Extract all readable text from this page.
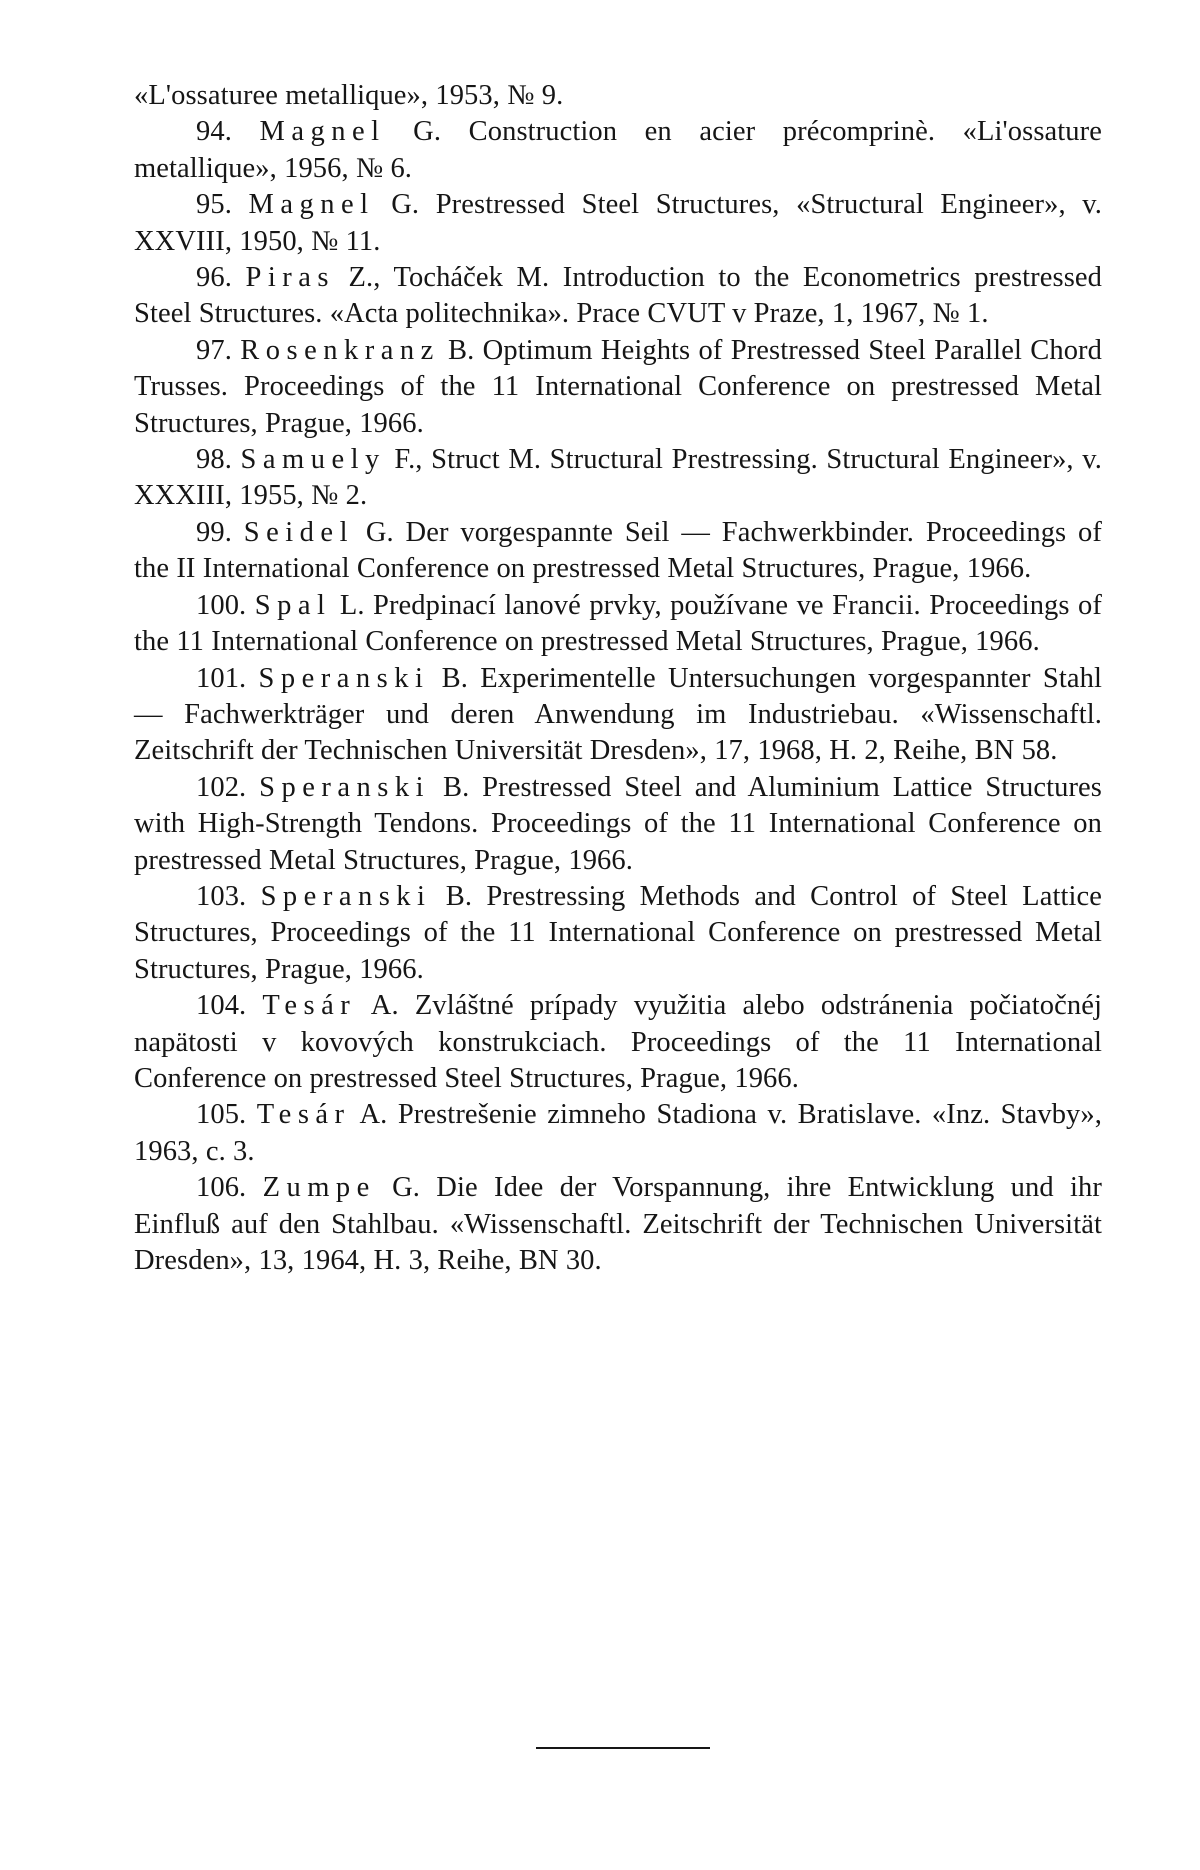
«L'ossaturee metallique», 1953, № 9.

94. Magnel G. Construction en acier précomprinè. «Li'ossature metallique», 1956, № 6.

95. Magnel G. Prestressed Steel Structures, «Structural Engineer», v. XXVIII, 1950, № 11.

96. Piras Z., Tocháček M. Introduction to the Econometrics prestressed Steel Structures. «Acta politechnika». Prace CVUT v Praze, 1, 1967, № 1.

97. Rosenkranz B. Optimum Heights of Prestressed Steel Parallel Chord Trusses. Proceedings of the 11 International Conference on prestressed Metal Structures, Prague, 1966.

98. Samuely F., Struct M. Structural Prestressing. Structural Engineer», v. XXXIII, 1955, № 2.

99. Seidel G. Der vorgespannte Seil — Fachwerkbinder. Proceedings of the II International Conference on prestressed Metal Structures, Prague, 1966.

100. Spal L. Predpinací lanové prvky, používane ve Francii. Proceedings of the 11 International Conference on prestressed Metal Structures, Prague, 1966.

101. Speranski B. Experimentelle Untersuchungen vorgespannter Stahl — Fachwerkträger und deren Anwendung im Industriebau. «Wissenschaftl. Zeitschrift der Technischen Universität Dresden», 17, 1968, H. 2, Reihe, BN 58.

102. Speranski B. Prestressed Steel and Aluminium Lattice Structures with High-Strength Tendons. Proceedings of the 11 International Conference on prestressed Metal Structures, Prague, 1966.

103. Speranski B. Prestressing Methods and Control of Steel Lattice Structures, Proceedings of the 11 International Conference on prestressed Metal Structures, Prague, 1966.

104. Tesár A. Zvláštné prípady využitia alebo odstránenia počiatočnéj napätosti v kovových konstrukciach. Proceedings of the 11 International Conference on prestressed Steel Structures, Prague, 1966.

105. Tesár A. Prestrešenie zimneho Stadiona v. Bratislave. «Inz. Stavby», 1963, c. 3.

106. Zumpe G. Die Idee der Vorspannung, ihre Entwicklung und ihr Einfluß auf den Stahlbau. «Wissenschaftl. Zeitschrift der Technischen Universität Dresden», 13, 1964, H. 3, Reihe, BN 30.
